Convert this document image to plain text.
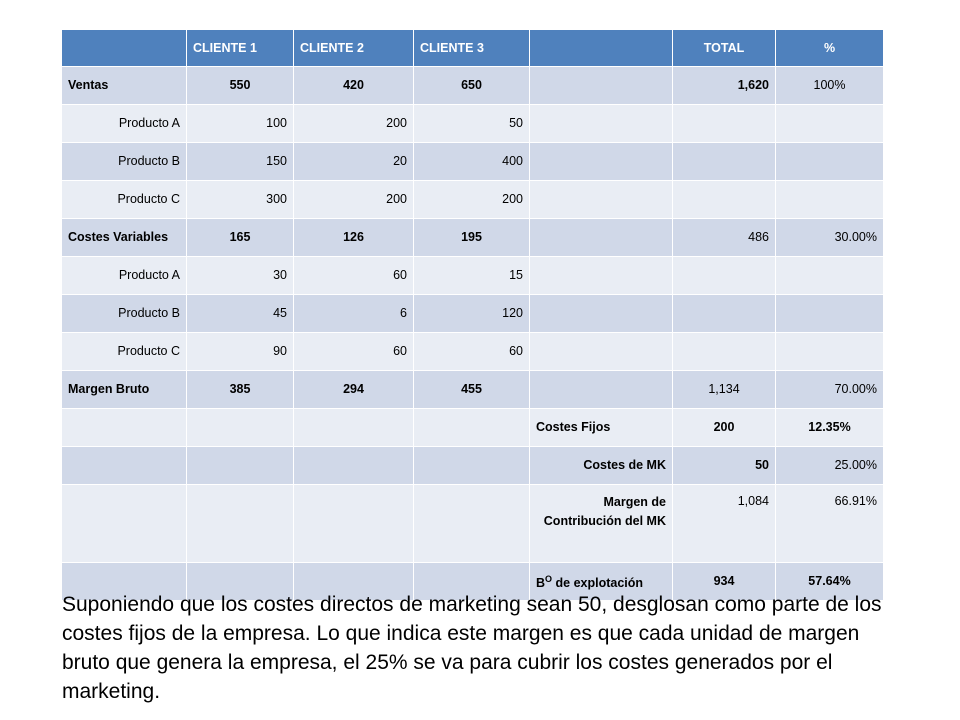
	CLIENTE 1	CLIENTE 2	CLIENTE 3		TOTAL	%
Ventas	550	420	650		1,620	100%
Producto A	100	200	50			
Producto B	150	20	400			
Producto C	300	200	200			
Costes Variables	165	126	195		486	30.00%
Producto A	30	60	15			
Producto B	45	6	120			
Producto C	90	60	60			
Margen Bruto	385	294	455		1,134	70.00%
				Costes Fijos	200	12.35%
				Costes de MK	50	25.00%
				Margen de Contribución del MK	1,084	66.91%
				$B^O$ de explotación	934	57.64%
Suponiendo que los costes directos de marketing sean 50, desglosan como parte de los costes fijos de la empresa. Lo que indica este margen es que cada unidad de margen bruto que genera la empresa, el 25% se va para cubrir los costes generados por el marketing.
